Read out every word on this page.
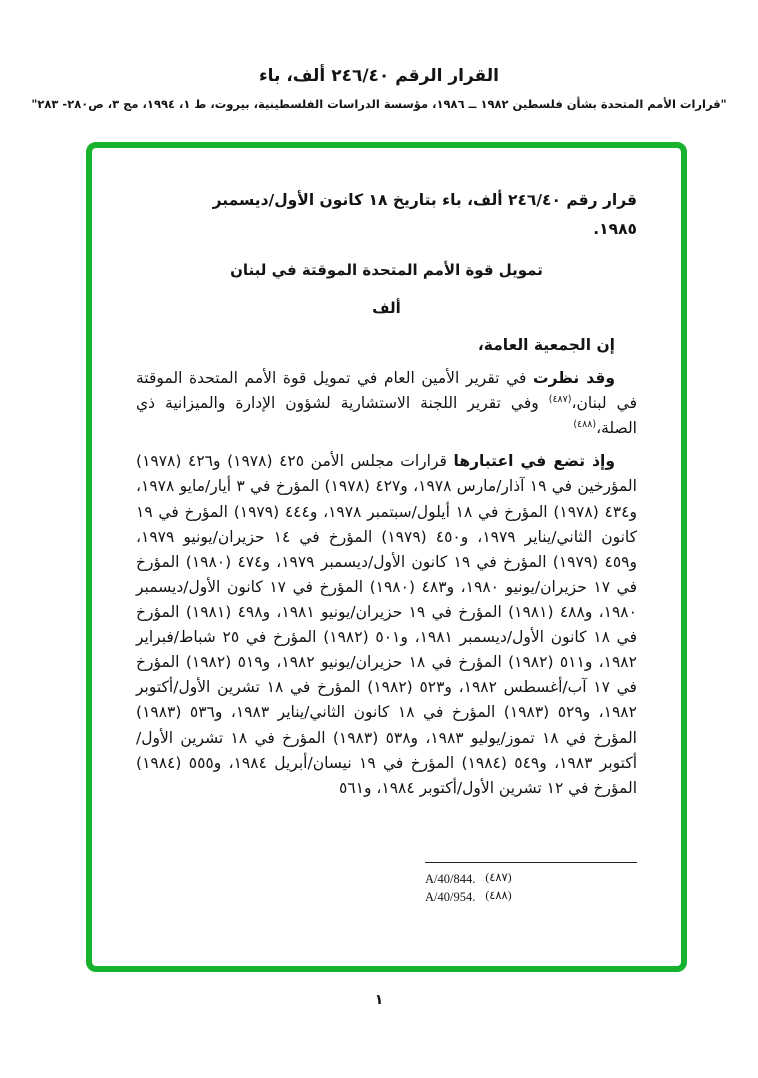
القرار الرقم ٢٤٦/٤٠ ألف، باء
"قرارات الأمم المتحدة بشأن فلسطين ١٩٨٢ ــ ١٩٨٦، مؤسسة الدراسات الفلسطينية، بيروت، ط ١، ١٩٩٤، مج ٣، ص٢٨٠- ٢٨٣"
قرار رقم ٢٤٦/٤٠ ألف، باء بتاريخ ١٨ كانون الأول/ديسمبر
١٩٨٥.
تمويل قوة الأمم المتحدة الموقتة في لبنان
ألف

إن الجمعية العامة،

وقد نظرت في تقرير الأمين العام في تمويل قوة الأمم المتحدة الموقتة في لبنان،$^{(٤٨٧)}$ وفي تقرير اللجنة الاستشارية لشؤون الإدارة والميزانية ذي الصلة،$^{(٤٨٨)}$

وإذ تضع في اعتبارها قرارات مجلس الأمن ٤٢٥ (١٩٧٨) و٤٢٦ (١٩٧٨) المؤرخين في ١٩ آذار/مارس ١٩٧٨، و٤٢٧ (١٩٧٨) المؤرخ في ٣ أيار/مايو ١٩٧٨، و٤٣٤ (١٩٧٨) المؤرخ في ١٨ أيلول/سبتمبر ١٩٧٨، و٤٤٤ (١٩٧٩) المؤرخ في ١٩ كانون الثاني/يناير ١٩٧٩، و٤٥٠ (١٩٧٩) المؤرخ في ١٤ حزيران/يونيو ١٩٧٩، و٤٥٩ (١٩٧٩) المؤرخ في ١٩ كانون الأول/ديسمبر ١٩٧٩، و٤٧٤ (١٩٨٠) المؤرخ في ١٧ حزيران/يونيو ١٩٨٠، و٤٨٣ (١٩٨٠) المؤرخ في ١٧ كانون الأول/ديسمبر ١٩٨٠، و٤٨٨ (١٩٨١) المؤرخ في ١٩ حزيران/يونيو ١٩٨١، و٤٩٨ (١٩٨١) المؤرخ في ١٨ كانون الأول/ديسمبر ١٩٨١، و٥٠١ (١٩٨٢) المؤرخ في ٢٥ شباط/فبراير ١٩٨٢، و٥١١ (١٩٨٢) المؤرخ في ١٨ حزيران/يونيو ١٩٨٢، و٥١٩ (١٩٨٢) المؤرخ في ١٧ آب/أغسطس ١٩٨٢، و٥٢٣ (١٩٨٢) المؤرخ في ١٨ تشرين الأول/أكتوبر ١٩٨٢، و٥٢٩ (١٩٨٣) المؤرخ في ١٨ كانون الثاني/يناير ١٩٨٣، و٥٣٦ (١٩٨٣) المؤرخ في ١٨ تموز/يوليو ١٩٨٣، و٥٣٨ (١٩٨٣) المؤرخ في ١٨ تشرين الأول/أكتوبر ١٩٨٣، و٥٤٩ (١٩٨٤) المؤرخ في ١٩ نيسان/أبريل ١٩٨٤، و٥٥٥ (١٩٨٤) المؤرخ في ١٢ تشرين الأول/أكتوبر ١٩٨٤، و٥٦١

A/40/844. (٤٨٧)
A/40/954. (٤٨٨)
١
